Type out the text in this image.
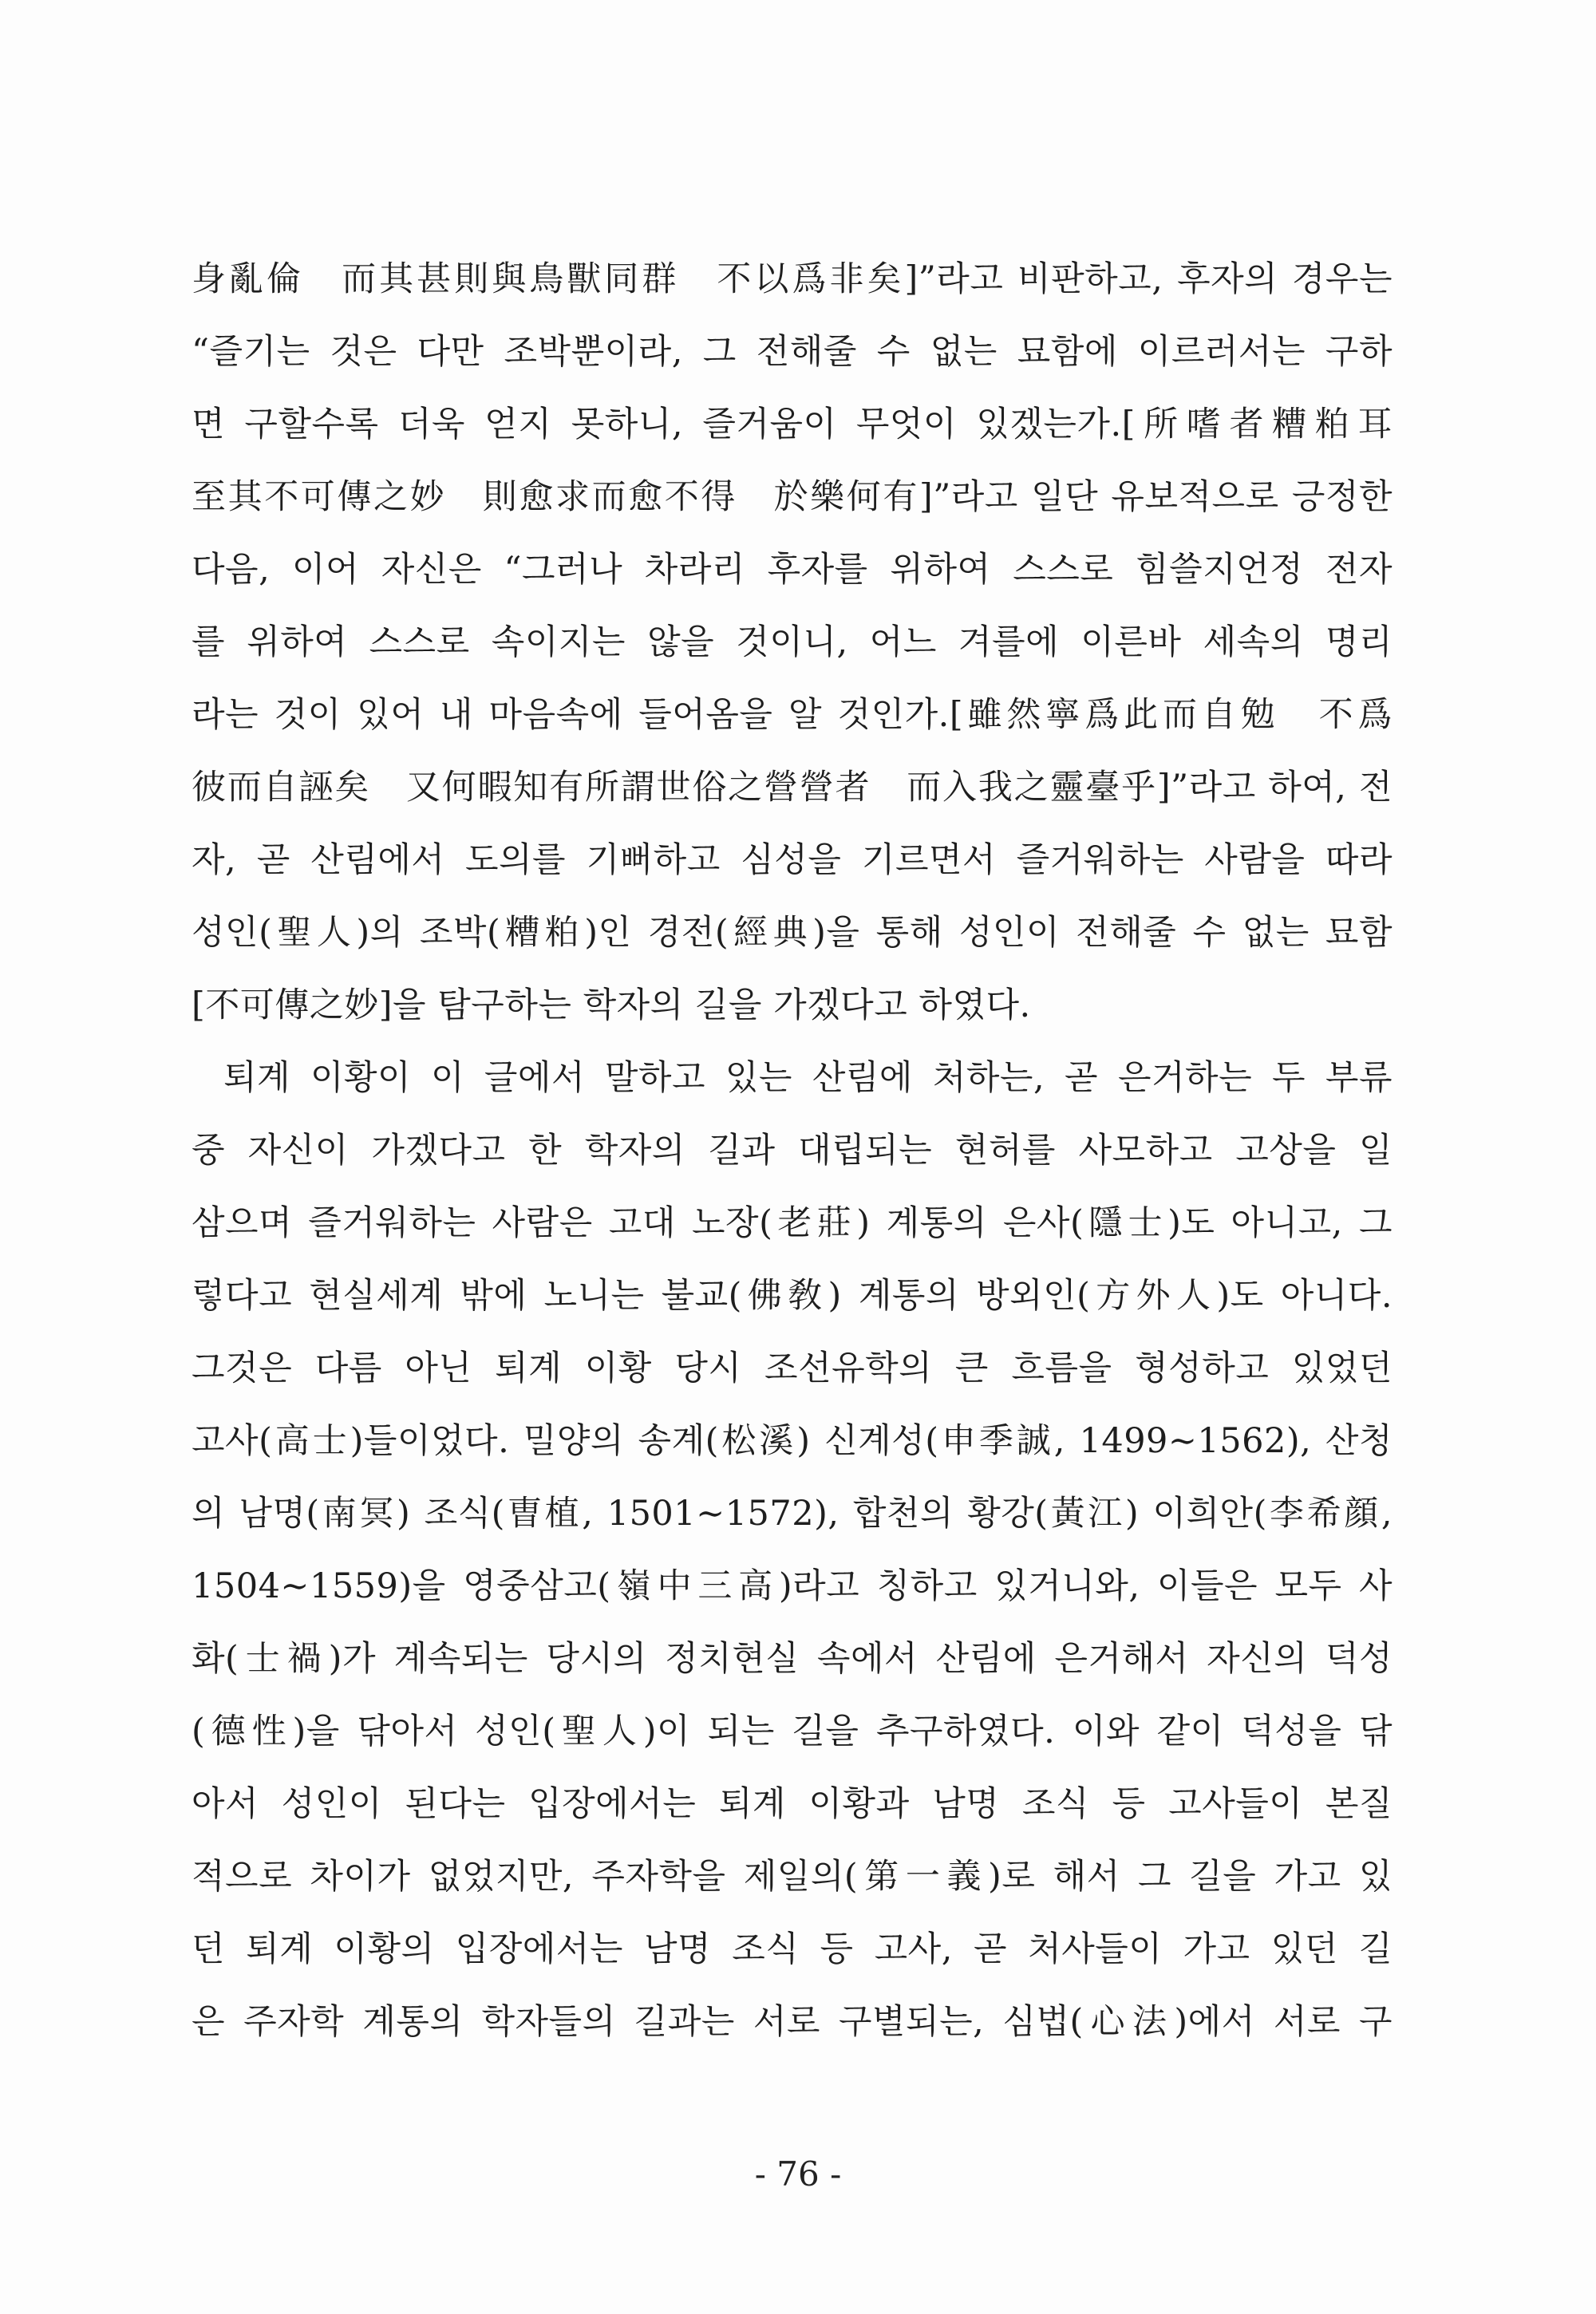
身亂倫　而其甚則與鳥獸同群　不以爲非矣]”라고 비판하고, 후자의 경우는
“즐기는 것은 다만 조박뿐이라, 그 전해줄 수 없는 묘함에 이르러서는 구하
면 구할수록 더욱 얻지 못하니, 즐거움이 무엇이 있겠는가.[所嗜者糟粕耳
至其不可傳之妙　則愈求而愈不得　於樂何有]”라고 일단 유보적으로 긍정한
다음, 이어 자신은 “그러나 차라리 후자를 위하여 스스로 힘쓸지언정 전자
를 위하여 스스로 속이지는 않을 것이니, 어느 겨를에 이른바 세속의 명리
라는 것이 있어 내 마음속에 들어옴을 알 것인가.[雖然寧爲此而自勉　不爲
彼而自誣矣　又何暇知有所謂世俗之營營者　而入我之靈臺乎]”라고 하여, 전
자, 곧 산림에서 도의를 기뻐하고 심성을 기르면서 즐거워하는 사람을 따라
성인(聖人)의 조박(糟粕)인 경전(經典)을 통해 성인이 전해줄 수 없는 묘함
[不可傳之妙]을 탐구하는 학자의 길을 가겠다고 하였다.
퇴계 이황이 이 글에서 말하고 있는 산림에 처하는, 곧 은거하는 두 부류
중 자신이 가겠다고 한 학자의 길과 대립되는 현허를 사모하고 고상을 일
삼으며 즐거워하는 사람은 고대 노장(老莊) 계통의 은사(隱士)도 아니고, 그
렇다고 현실세계 밖에 노니는 불교(佛敎) 계통의 방외인(方外人)도 아니다.
그것은 다름 아닌 퇴계 이황 당시 조선유학의 큰 흐름을 형성하고 있었던
고사(高士)들이었다. 밀양의 송계(松溪) 신계성(申季誠, 1499∼1562), 산청
의 남명(南冥) 조식(曺植, 1501∼1572), 합천의 황강(黃江) 이희안(李希顔,
1504∼1559)을 영중삼고(嶺中三高)라고 칭하고 있거니와, 이들은 모두 사
화(士禍)가 계속되는 당시의 정치현실 속에서 산림에 은거해서 자신의 덕성
(德性)을 닦아서 성인(聖人)이 되는 길을 추구하였다. 이와 같이 덕성을 닦
아서 성인이 된다는 입장에서는 퇴계 이황과 남명 조식 등 고사들이 본질
적으로 차이가 없었지만, 주자학을 제일의(第一義)로 해서 그 길을 가고 있
던 퇴계 이황의 입장에서는 남명 조식 등 고사, 곧 처사들이 가고 있던 길
은 주자학 계통의 학자들의 길과는 서로 구별되는, 심법(心法)에서 서로 구
- 76 -
